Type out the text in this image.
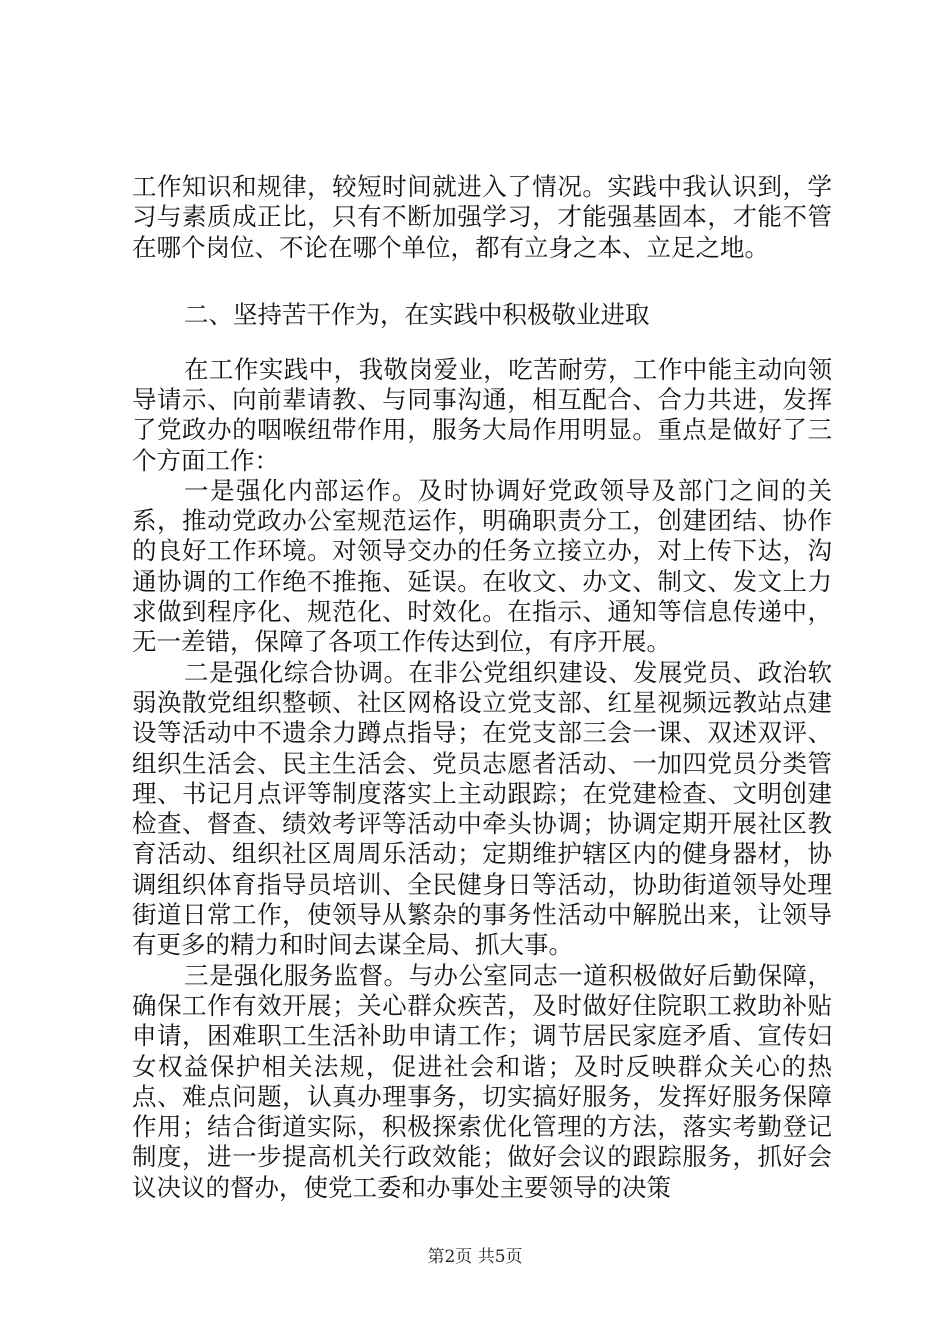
工作知识和规律，较短时间就进入了情况。实践中我认识到，学习与素质成正比，只有不断加强学习，才能强基固本，才能不管在哪个岗位、不论在哪个单位，都有立身之本、立足之地。

二、坚持苦干作为，在实践中积极敬业进取

在工作实践中，我敬岗爱业，吃苦耐劳，工作中能主动向领导请示、向前辈请教、与同事沟通，相互配合、合力共进，发挥了党政办的咽喉纽带作用，服务大局作用明显。重点是做好了三个方面工作：

一是强化内部运作。及时协调好党政领导及部门之间的关系，推动党政办公室规范运作，明确职责分工，创建团结、协作的良好工作环境。对领导交办的任务立接立办，对上传下达，沟通协调的工作绝不推拖、延误。在收文、办文、制文、发文上力求做到程序化、规范化、时效化。在指示、通知等信息传递中，无一差错，保障了各项工作传达到位，有序开展。

二是强化综合协调。在非公党组织建设、发展党员、政治软弱涣散党组织整顿、社区网格设立党支部、红星视频远教站点建设等活动中不遗余力蹲点指导；在党支部三会一课、双述双评、组织生活会、民主生活会、党员志愿者活动、一加四党员分类管理、书记月点评等制度落实上主动跟踪；在党建检查、文明创建检查、督查、绩效考评等活动中牵头协调；协调定期开展社区教育活动、组织社区周周乐活动；定期维护辖区内的健身器材，协调组织体育指导员培训、全民健身日等活动，协助街道领导处理街道日常工作，使领导从繁杂的事务性活动中解脱出来，让领导有更多的精力和时间去谋全局、抓大事。

三是强化服务监督。与办公室同志一道积极做好后勤保障，确保工作有效开展；关心群众疾苦，及时做好住院职工救助补贴申请，困难职工生活补助申请工作；调节居民家庭矛盾、宣传妇女权益保护相关法规，促进社会和谐；及时反映群众关心的热点、难点问题，认真办理事务，切实搞好服务，发挥好服务保障作用；结合街道实际，积极探索优化管理的方法，落实考勤登记制度，进一步提高机关行政效能；做好会议的跟踪服务，抓好会议决议的督办，使党工委和办事处主要领导的决策

第2页 共5页
